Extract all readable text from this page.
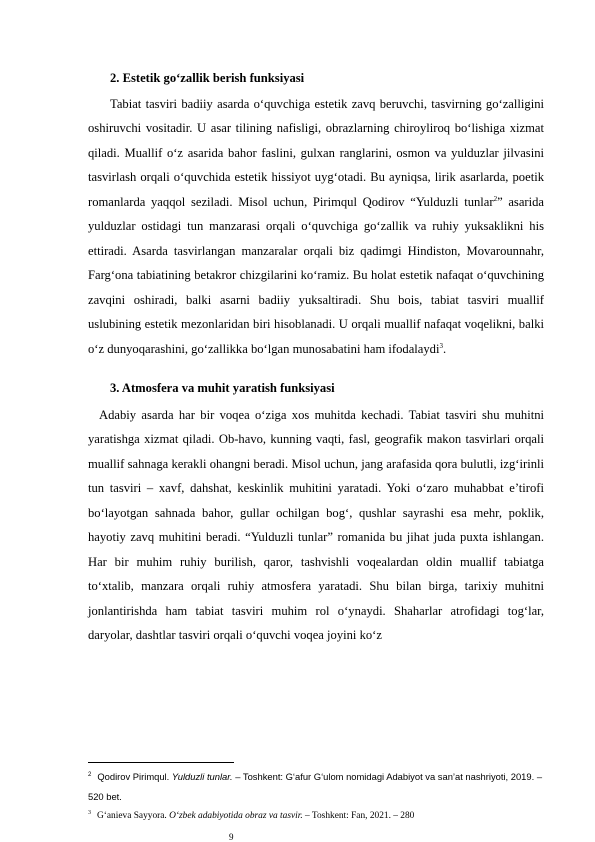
2. Estetik go‘zallik berish funksiyasi

Tabiat tasviri badiiy asarda o‘quvchiga estetik zavq beruvchi, tasvirning go‘zalligini oshiruvchi vositadir. U asar tilining nafisligi, obrazlarning chiroyliroq bo‘lishiga xizmat qiladi. Muallif o‘z asarida bahor faslini, gulxan ranglarini, osmon va yulduzlar jilvasini tasvirlash orqali o‘quvchida estetik hissiyot uyg‘otadi. Bu ayniqsa, lirik asarlarda, poetik romanlarda yaqqol seziladi. Misol uchun, Pirimqul Qodirov “Yulduzli tunlar$^2$” asarida yulduzlar ostidagi tun manzarasi orqali o‘quvchiga go‘zallik va ruhiy yuksaklikni his ettiradi. Asarda tasvirlangan manzaralar orqali biz qadimgi Hindiston, Movarounnahr, Farg‘ona tabiatining betakror chizgilarini ko‘ramiz. Bu holat estetik nafaqat o‘quvchining zavqini oshiradi, balki asarni badiiy yuksaltiradi. Shu bois, tabiat tasviri muallif uslubining estetik mezonlaridan biri hisoblanadi. U orqali muallif nafaqat voqelikni, balki o‘z dunyoqarashini, go‘zallikka bo‘lgan munosabatini ham ifodalaydi$^3$.

3. Atmosfera va muhit yaratish funksiyasi

Adabiy asarda har bir voqea o‘ziga xos muhitda kechadi. Tabiat tasviri shu muhitni yaratishga xizmat qiladi. Ob-havo, kunning vaqti, fasl, geografik makon tasvirlari orqali muallif sahnaga kerakli ohangni beradi. Misol uchun, jang arafasida qora bulutli, izg‘irinli tun tasviri – xavf, dahshat, keskinlik muhitini yaratadi. Yoki o‘zaro muhabbat e’tirofi bo‘layotgan sahnada bahor, gullar ochilgan bog‘, qushlar sayrashi esa mehr, poklik, hayotiy zavq muhitini beradi. “Yulduzli tunlar” romanida bu jihat juda puxta ishlangan. Har bir muhim ruhiy burilish, qaror, tashvishli voqealardan oldin muallif tabiatga to‘xtalib, manzara orqali ruhiy atmosfera yaratadi. Shu bilan birga, tarixiy muhitni jonlantirishda ham tabiat tasviri muhim rol o‘ynaydi. Shaharlar atrofidagi tog‘lar, daryolar, dashtlar tasviri orqali o‘quvchi voqea joyini ko‘z

$^2$ Qodirov Pirimqul. Yulduzli tunlar. – Toshkent: G‘afur G‘ulom nomidagi Adabiyot va san’at nashriyoti, 2019. – 520 bet.

$^3$ G‘anieva Sayyora. O‘zbek adabiyotida obraz va tasvir. – Toshkent: Fan, 2021. – 280

9
